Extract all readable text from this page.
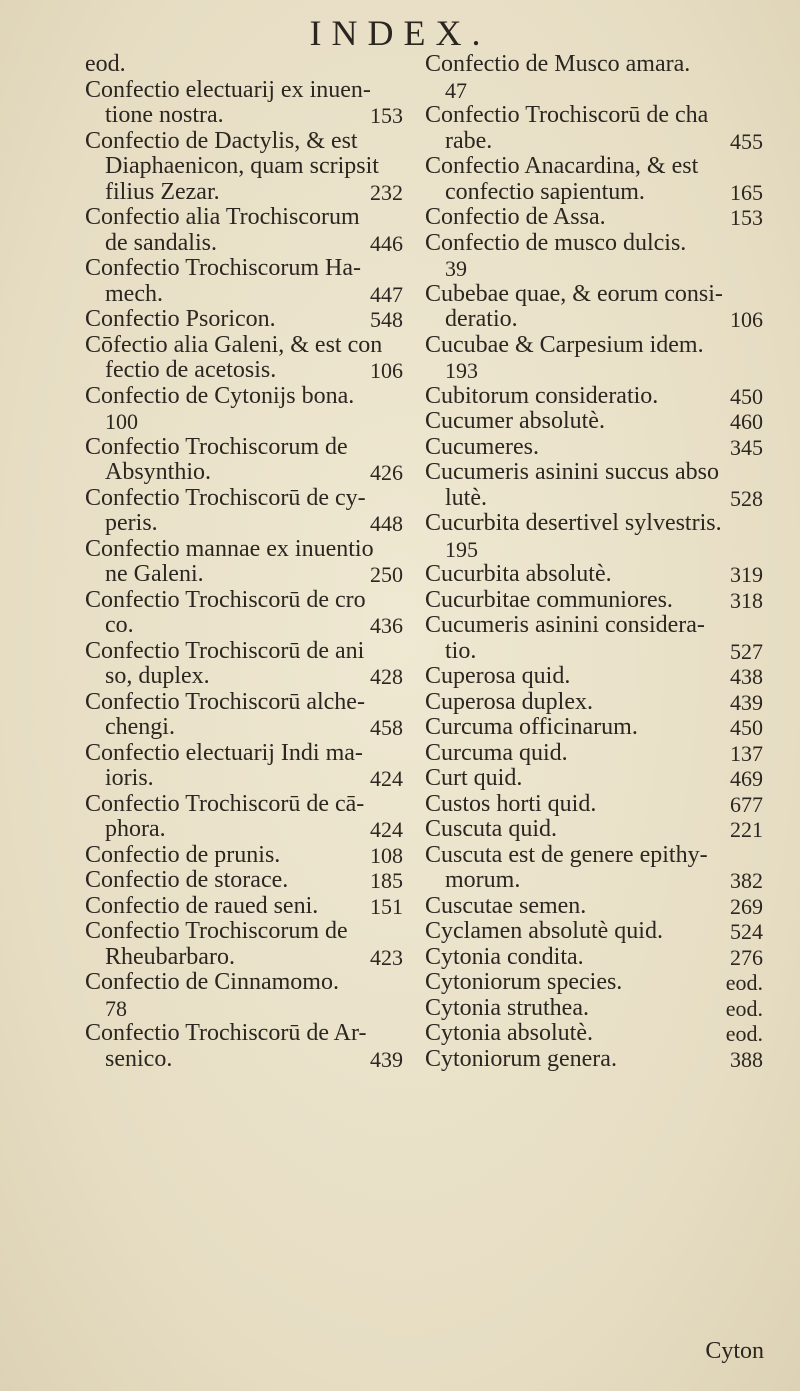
INDEX.
eod.
Confectio electuarij ex inuen-
tione nostra.	153
Confectio de Dactylis, & est
Diaphaenicon, quam scripsit
filius Zezar.	232
Confectio alia Trochiscorum
de sandalis.	446
Confectio Trochiscorum Ha-
mech.	447
Confectio Psoricon.	548
Cōfectio alia Galeni, & est con
fectio de acetosis.	106
Confectio de Cytonijs bona.
100
Confectio Trochiscorum de
Absynthio.	426
Confectio Trochiscorū de cy-
peris.	448
Confectio mannae ex inuentio
ne Galeni.	250
Confectio Trochiscorū de cro
co.	436
Confectio Trochiscorū de ani
so, duplex.	428
Confectio Trochiscorū alche-
chengi.	458
Confectio electuarij Indi ma-
ioris.	424
Confectio Trochiscorū de cā-
phora.	424
Confectio de prunis.	108
Confectio de storace.	185
Confectio de raued seni.	151
Confectio Trochiscorum de
Rheubarbaro.	423
Confectio de Cinnamomo.
78
Confectio Trochiscorū de Ar-
senico.	439
Confectio de Musco amara.
47
Confectio Trochiscorū de cha
rabe.	455
Confectio Anacardina, & est
confectio sapientum.	165
Confectio de Assa.	153
Confectio de musco dulcis.
39
Cubebae quae, & eorum consi-
deratio.	106
Cucubae & Carpesium idem.
193
Cubitorum consideratio.	450
Cucumer absolutè.	460
Cucumeres.	345
Cucumeris asinini succus abso
lutè.	528
Cucurbita desertivel sylvestris.
195
Cucurbita absolutè.	319
Cucurbitae communiores.	318
Cucumeris asinini considera-
tio.	527
Cuperosa quid.	438
Cuperosa duplex.	439
Curcuma officinarum.	450
Curcuma quid.	137
Curt quid.	469
Custos horti quid.	677
Cuscuta quid.	221
Cuscuta est de genere epithy-
morum.	382
Cuscutae semen.	269
Cyclamen absolutè quid.	524
Cytonia condita.	276
Cytoniorum species.	eod.
Cytonia struthea.	eod.
Cytonia absolutè.	eod.
Cytoniorum genera.	388
Cyton
